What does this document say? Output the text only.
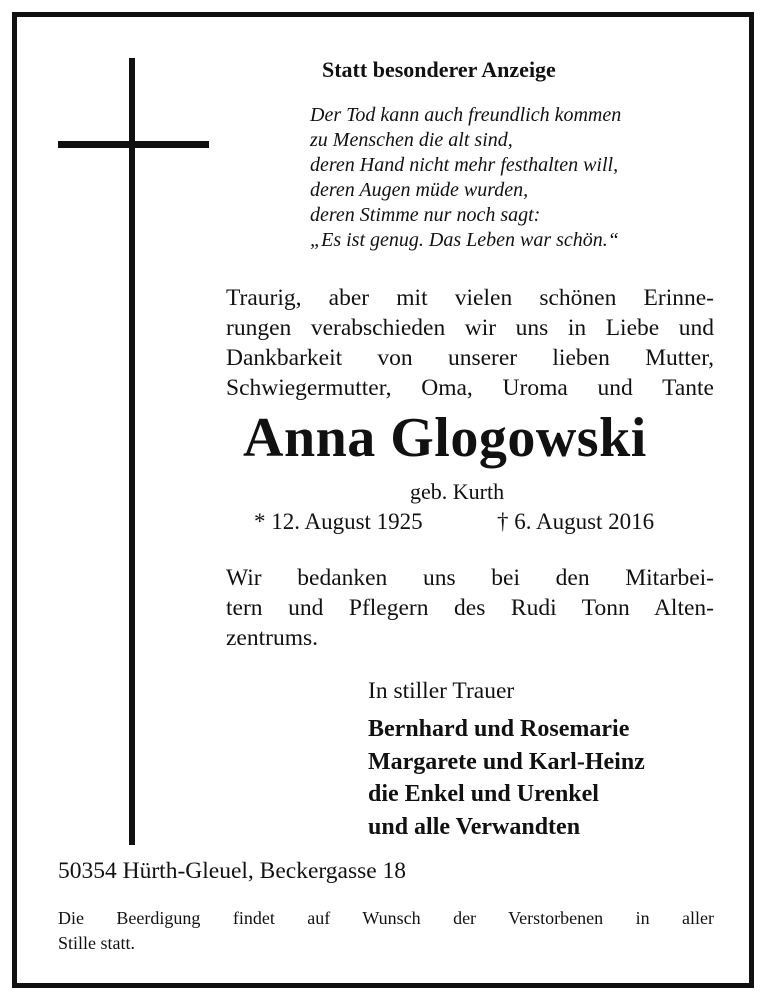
Statt besonderer Anzeige
Der Tod kann auch freundlich kommen
zu Menschen die alt sind,
deren Hand nicht mehr festhalten will,
deren Augen müde wurden,
deren Stimme nur noch sagt:
„Es ist genug. Das Leben war schön.“
Traurig, aber mit vielen schönen Erinne-
rungen verabschieden wir uns in Liebe und
Dankbarkeit von unserer lieben Mutter,
Schwiegermutter, Oma, Uroma und Tante
Anna Glogowski
geb. Kurth
* 12. August 1925	† 6. August 2016
Wir bedanken uns bei den Mitarbei-
tern und Pflegern des Rudi Tonn Alten-
zentrums.
In stiller Trauer
Bernhard und Rosemarie
Margarete und Karl-Heinz
die Enkel und Urenkel
und alle Verwandten
50354 Hürth-Gleuel, Beckergasse 18
Die Beerdigung findet auf Wunsch der Verstorbenen in aller
Stille statt.
